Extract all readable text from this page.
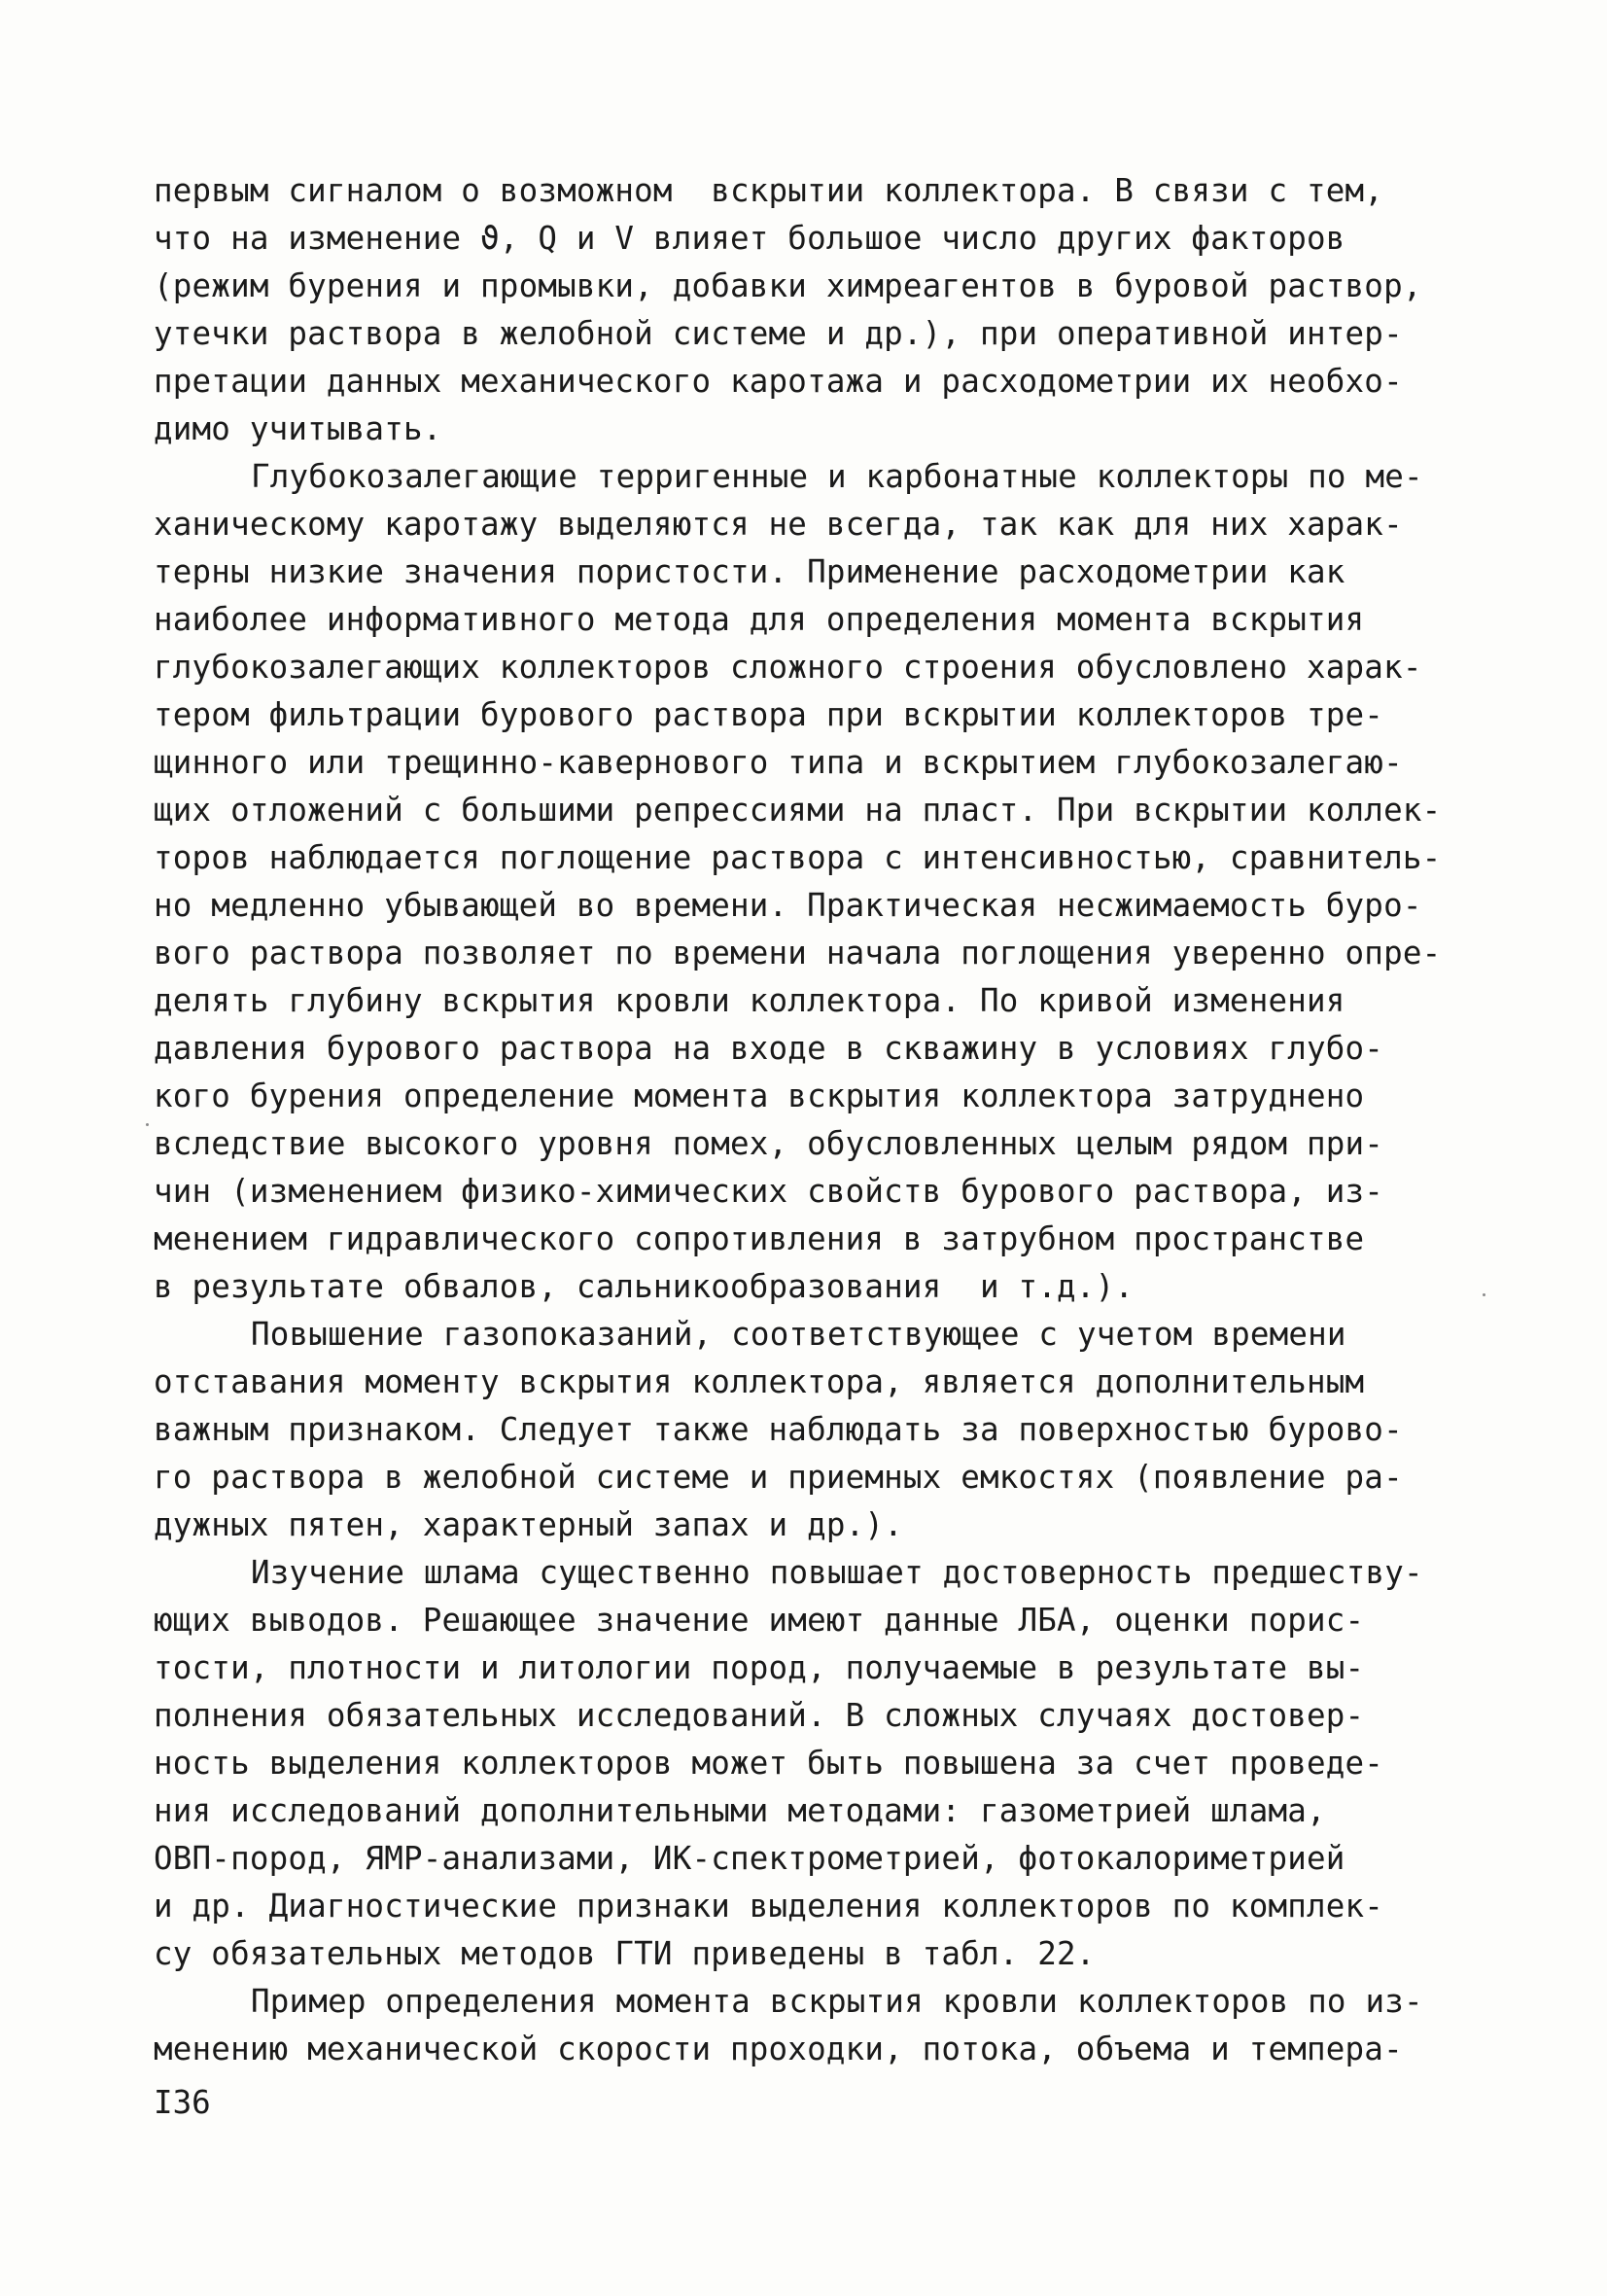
первым сигналом о возможном  вскрытии коллектора. В связи с тем,
что на изменение ϑ, Q и V влияет большое число других факторов
(режим бурения и промывки, добавки химреагентов в буровой раствор,
утечки раствора в желобной системе и др.), при оперативной интер-
претации данных механического каротажа и расходометрии их необхо-
димо учитывать.
Глубокозалегающие терригенные и карбонатные коллекторы по ме-
ханическому каротажу выделяются не всегда, так как для них харак-
терны низкие значения пористости. Применение расходометрии как
наиболее информативного метода для определения момента вскрытия
глубокозалегающих коллекторов сложного строения обусловлено харак-
тером фильтрации бурового раствора при вскрытии коллекторов тре-
щинного или трещинно-кавернового типа и вскрытием глубокозалегаю-
щих отложений с большими репрессиями на пласт. При вскрытии коллек-
торов наблюдается поглощение раствора с интенсивностью, сравнитель-
но медленно убывающей во времени. Практическая несжимаемость буро-
вого раствора позволяет по времени начала поглощения уверенно опре-
делять глубину вскрытия кровли коллектора. По кривой изменения
давления бурового раствора на входе в скважину в условиях глубо-
кого бурения определение момента вскрытия коллектора затруднено
вследствие высокого уровня помех, обусловленных целым рядом при-
чин (изменением физико-химических свойств бурового раствора, из-
менением гидравлического сопротивления в затрубном пространстве
в результате обвалов, сальникообразования  и т.д.).
Повышение газопоказаний, соответствующее с учетом времени
отставания моменту вскрытия коллектора, является дополнительным
важным признаком. Следует также наблюдать за поверхностью бурово-
го раствора в желобной системе и приемных емкостях (появление ра-
дужных пятен, характерный запах и др.).
Изучение шлама существенно повышает достоверность предшеству-
ющих выводов. Решающее значение имеют данные ЛБА, оценки порис-
тости, плотности и литологии пород, получаемые в результате вы-
полнения обязательных исследований. В сложных случаях достовер-
ность выделения коллекторов может быть повышена за счет проведе-
ния исследований дополнительными методами: газометрией шлама,
ОВП-пород, ЯМР-анализами, ИК-спектрометрией, фотокалориметрией
и др. Диагностические признаки выделения коллекторов по комплек-
су обязательных методов ГТИ приведены в табл. 22.
Пример определения момента вскрытия кровли коллекторов по из-
менению механической скорости проходки, потока, объема и темпера-
I36
